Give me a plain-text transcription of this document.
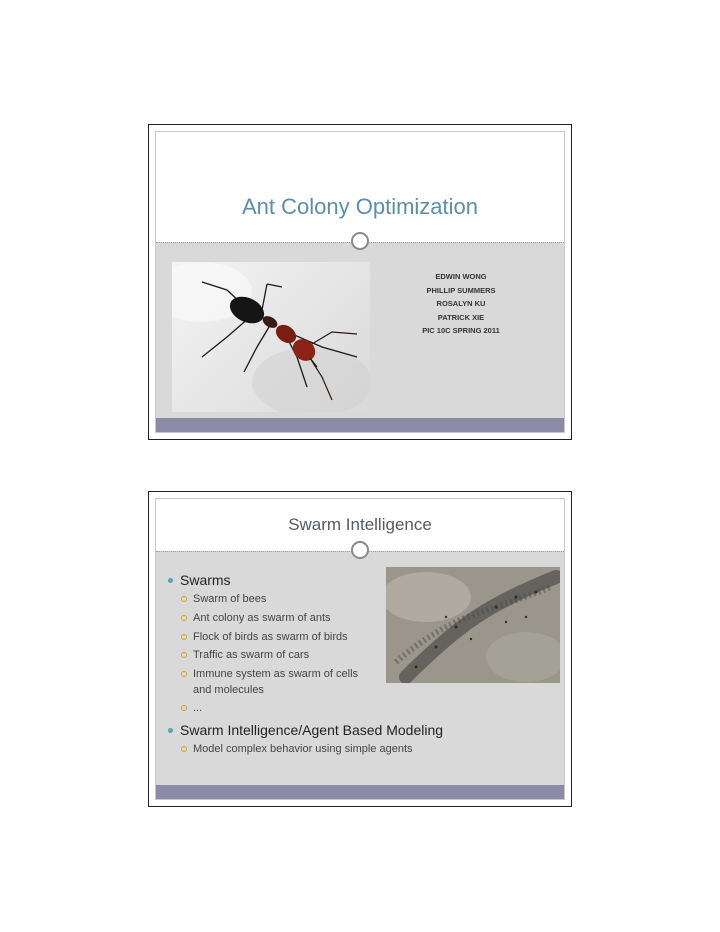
Ant Colony Optimization
EDWIN WONG
PHILLIP SUMMERS
ROSALYN KU
PATRICK XIE
PIC 10C SPRING 2011
Swarm Intelligence
Swarms
Swarm of bees
Ant colony as swarm of ants
Flock of birds as swarm of birds
Traffic as swarm of cars
Immune system as swarm of cells
and molecules
...
Swarm Intelligence/Agent Based Modeling
Model complex behavior using simple agents
